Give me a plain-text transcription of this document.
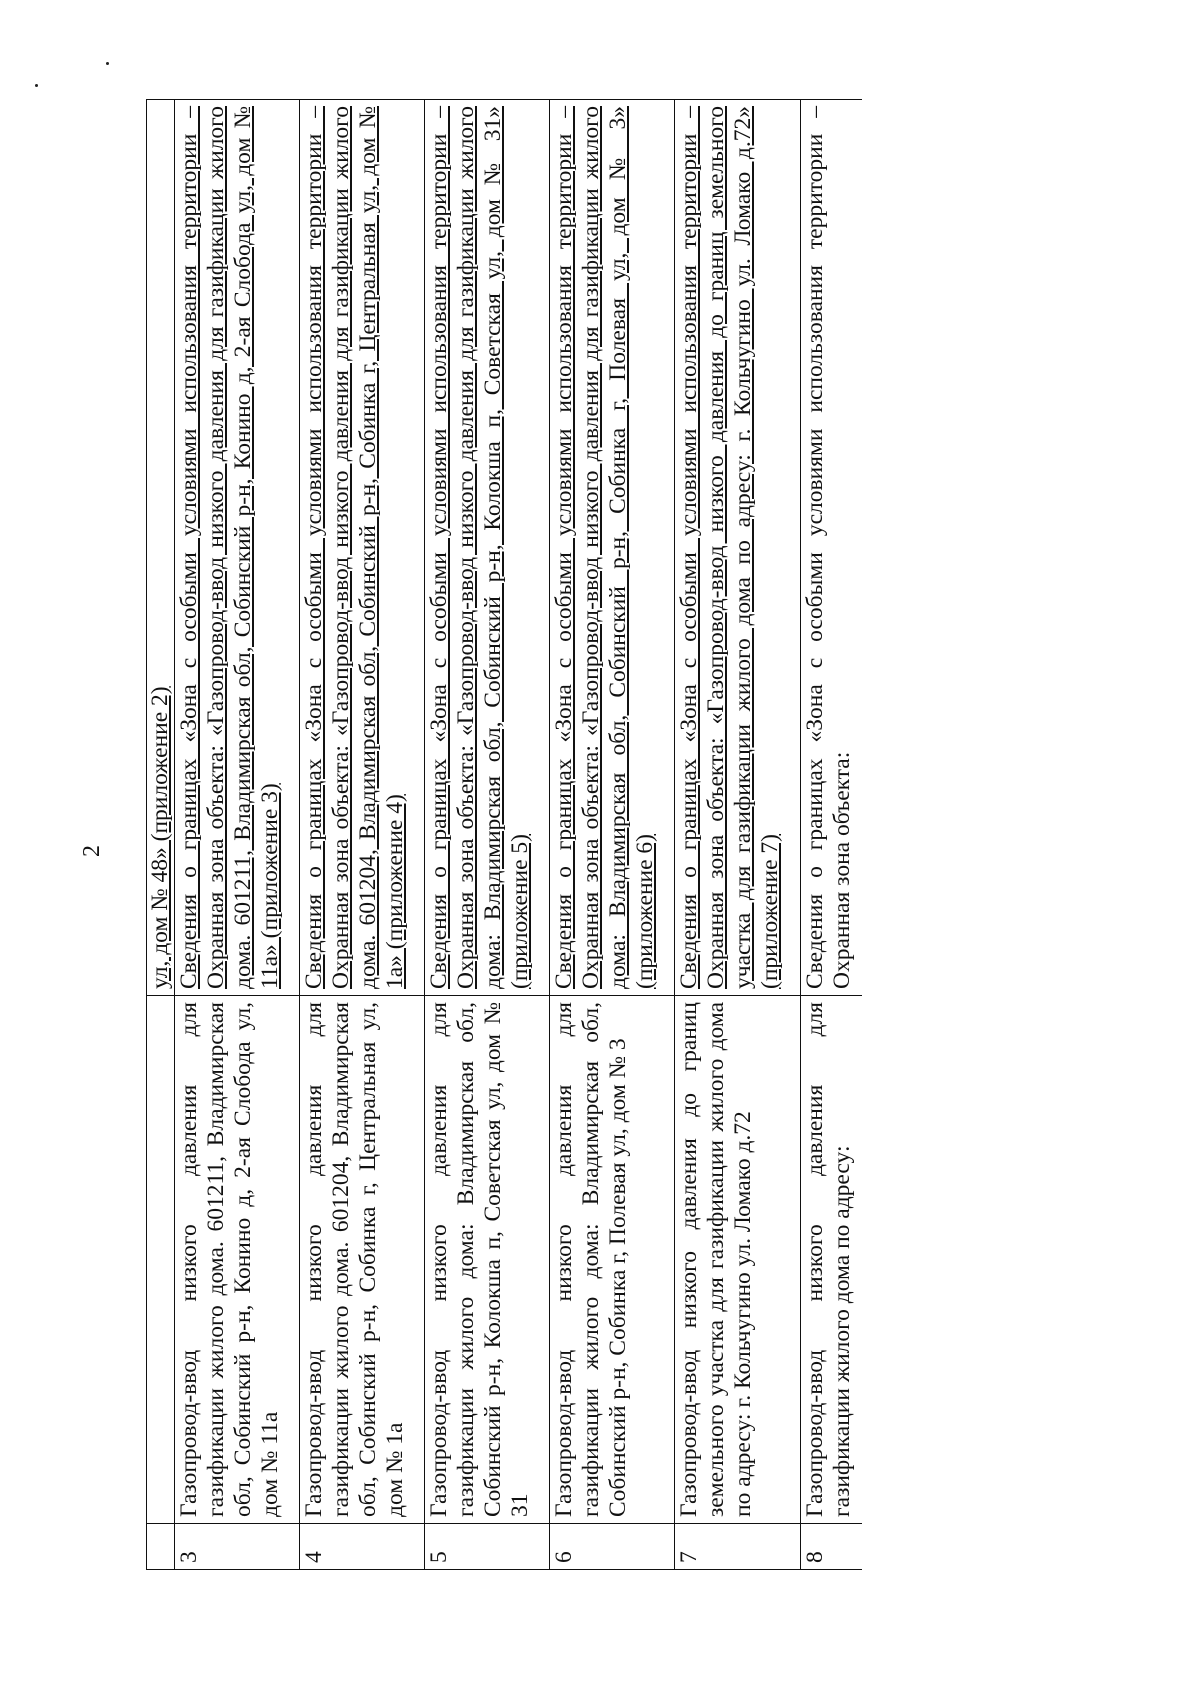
2
		ул, дом № 48» (приложение 2)
3	Газопровод-ввод низкого давления для газификации жилого дома. 601211, Владимирская обл, Собинский р-н, Конино д, 2-ая Слобода ул, дом № 11а	Сведения о границах «Зона с особыми условиями использования территории – Охранная зона объекта: «Газопровод-ввод низкого давления для газификации жилого дома. 601211, Владимирская обл, Собинский р-н, Конино д, 2-ая Слобода ул, дом № 11а» (приложение 3)
4	Газопровод-ввод низкого давления для газификации жилого дома. 601204, Владимирская обл, Собинский р-н, Собинка г, Центральная ул, дом № 1а	Сведения о границах «Зона с особыми условиями использования территории – Охранная зона объекта: «Газопровод-ввод низкого давления для газификации жилого дома. 601204, Владимирская обл, Собинский р-н, Собинка г, Центральная ул, дом № 1а» (приложение 4)
5	Газопровод-ввод низкого давления для газификации жилого дома: Владимирская обл, Собинский р-н, Колокша п, Советская ул, дом № 31	Сведения о границах «Зона с особыми условиями использования территории – Охранная зона объекта: «Газопровод-ввод низкого давления для газификации жилого дома: Владимирская обл, Собинский р-н, Колокша п, Советская ул, дом № 31» (приложение 5)
6	Газопровод-ввод низкого давления для газификации жилого дома: Владимирская обл, Собинский р-н, Собинка г, Полевая ул, дом № 3	Сведения о границах «Зона с особыми условиями использования территории – Охранная зона объекта: «Газопровод-ввод низкого давления для газификации жилого дома: Владимирская обл, Собинский р-н, Собинка г, Полевая ул, дом № 3» (приложение 6)
7	Газопровод-ввод низкого давления до границ земельного участка для газификации жилого дома по адресу: г. Кольчугино ул. Ломако д.72	Сведения о границах «Зона с особыми условиями использования территории – Охранная зона объекта: «Газопровод-ввод низкого давления до границ земельного участка для газификации жилого дома по адресу: г. Кольчугино ул. Ломако д.72» (приложение 7)
8	Газопровод-ввод низкого давления для газификации жилого дома по адресу:	Сведения о границах «Зона с особыми условиями использования территории – Охранная зона объекта:
